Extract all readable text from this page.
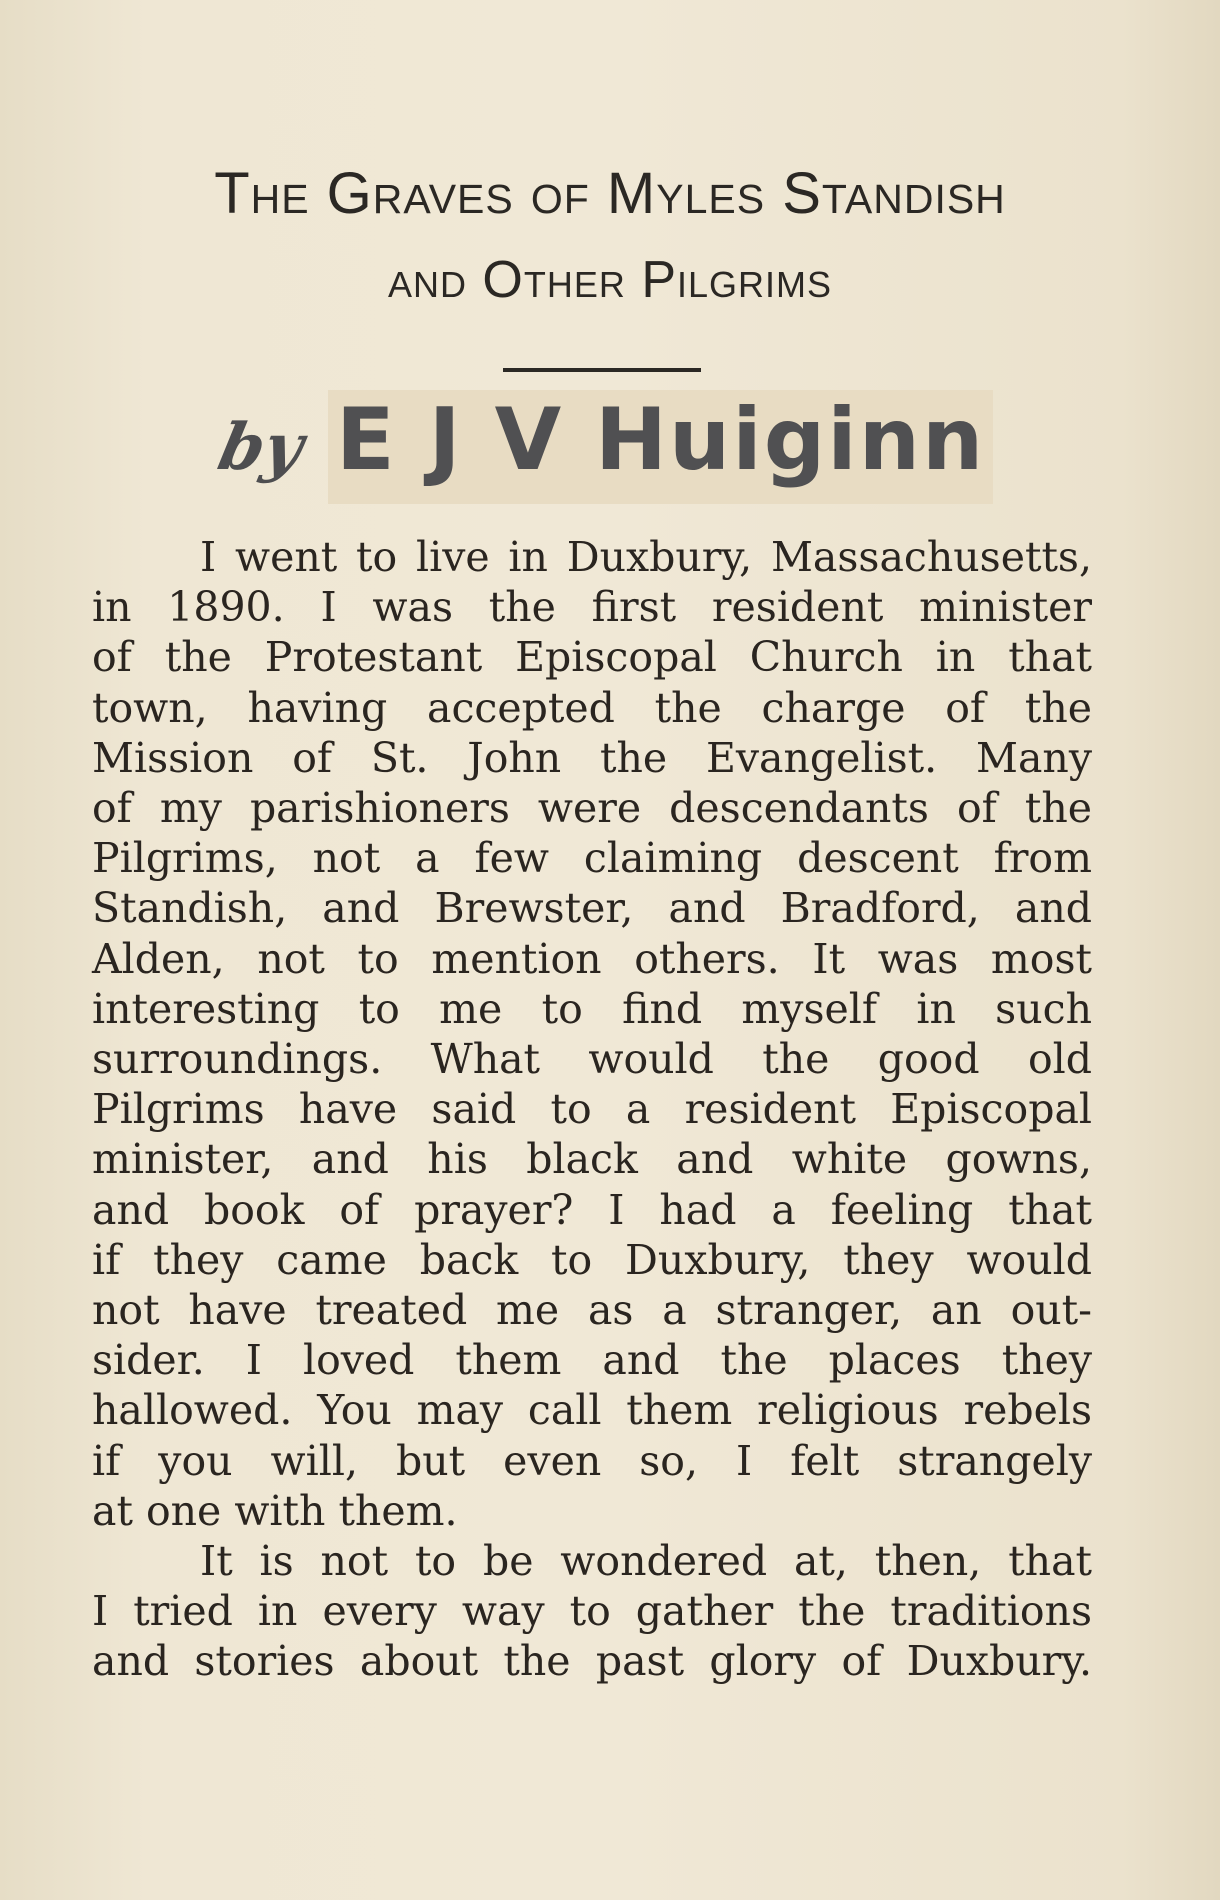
The Graves of Myles Standish
and Other Pilgrims
by E J V Huiginn
I went to live in Duxbury, Massachusetts,
in 1890. I was the first resident minister
of the Protestant Episcopal Church in that
town, having accepted the charge of the
Mission of St. John the Evangelist. Many
of my parishioners were descendants of the
Pilgrims, not a few claiming descent from
Standish, and Brewster, and Bradford, and
Alden, not to mention others. It was most
interesting to me to find myself in such
surroundings. What would the good old
Pilgrims have said to a resident Episcopal
minister, and his black and white gowns,
and book of prayer? I had a feeling that
if they came back to Duxbury, they would
not have treated me as a stranger, an out-
sider. I loved them and the places they
hallowed. You may call them religious rebels
if you will, but even so, I felt strangely
at one with them.
It is not to be wondered at, then, that
I tried in every way to gather the traditions
and stories about the past glory of Duxbury.
